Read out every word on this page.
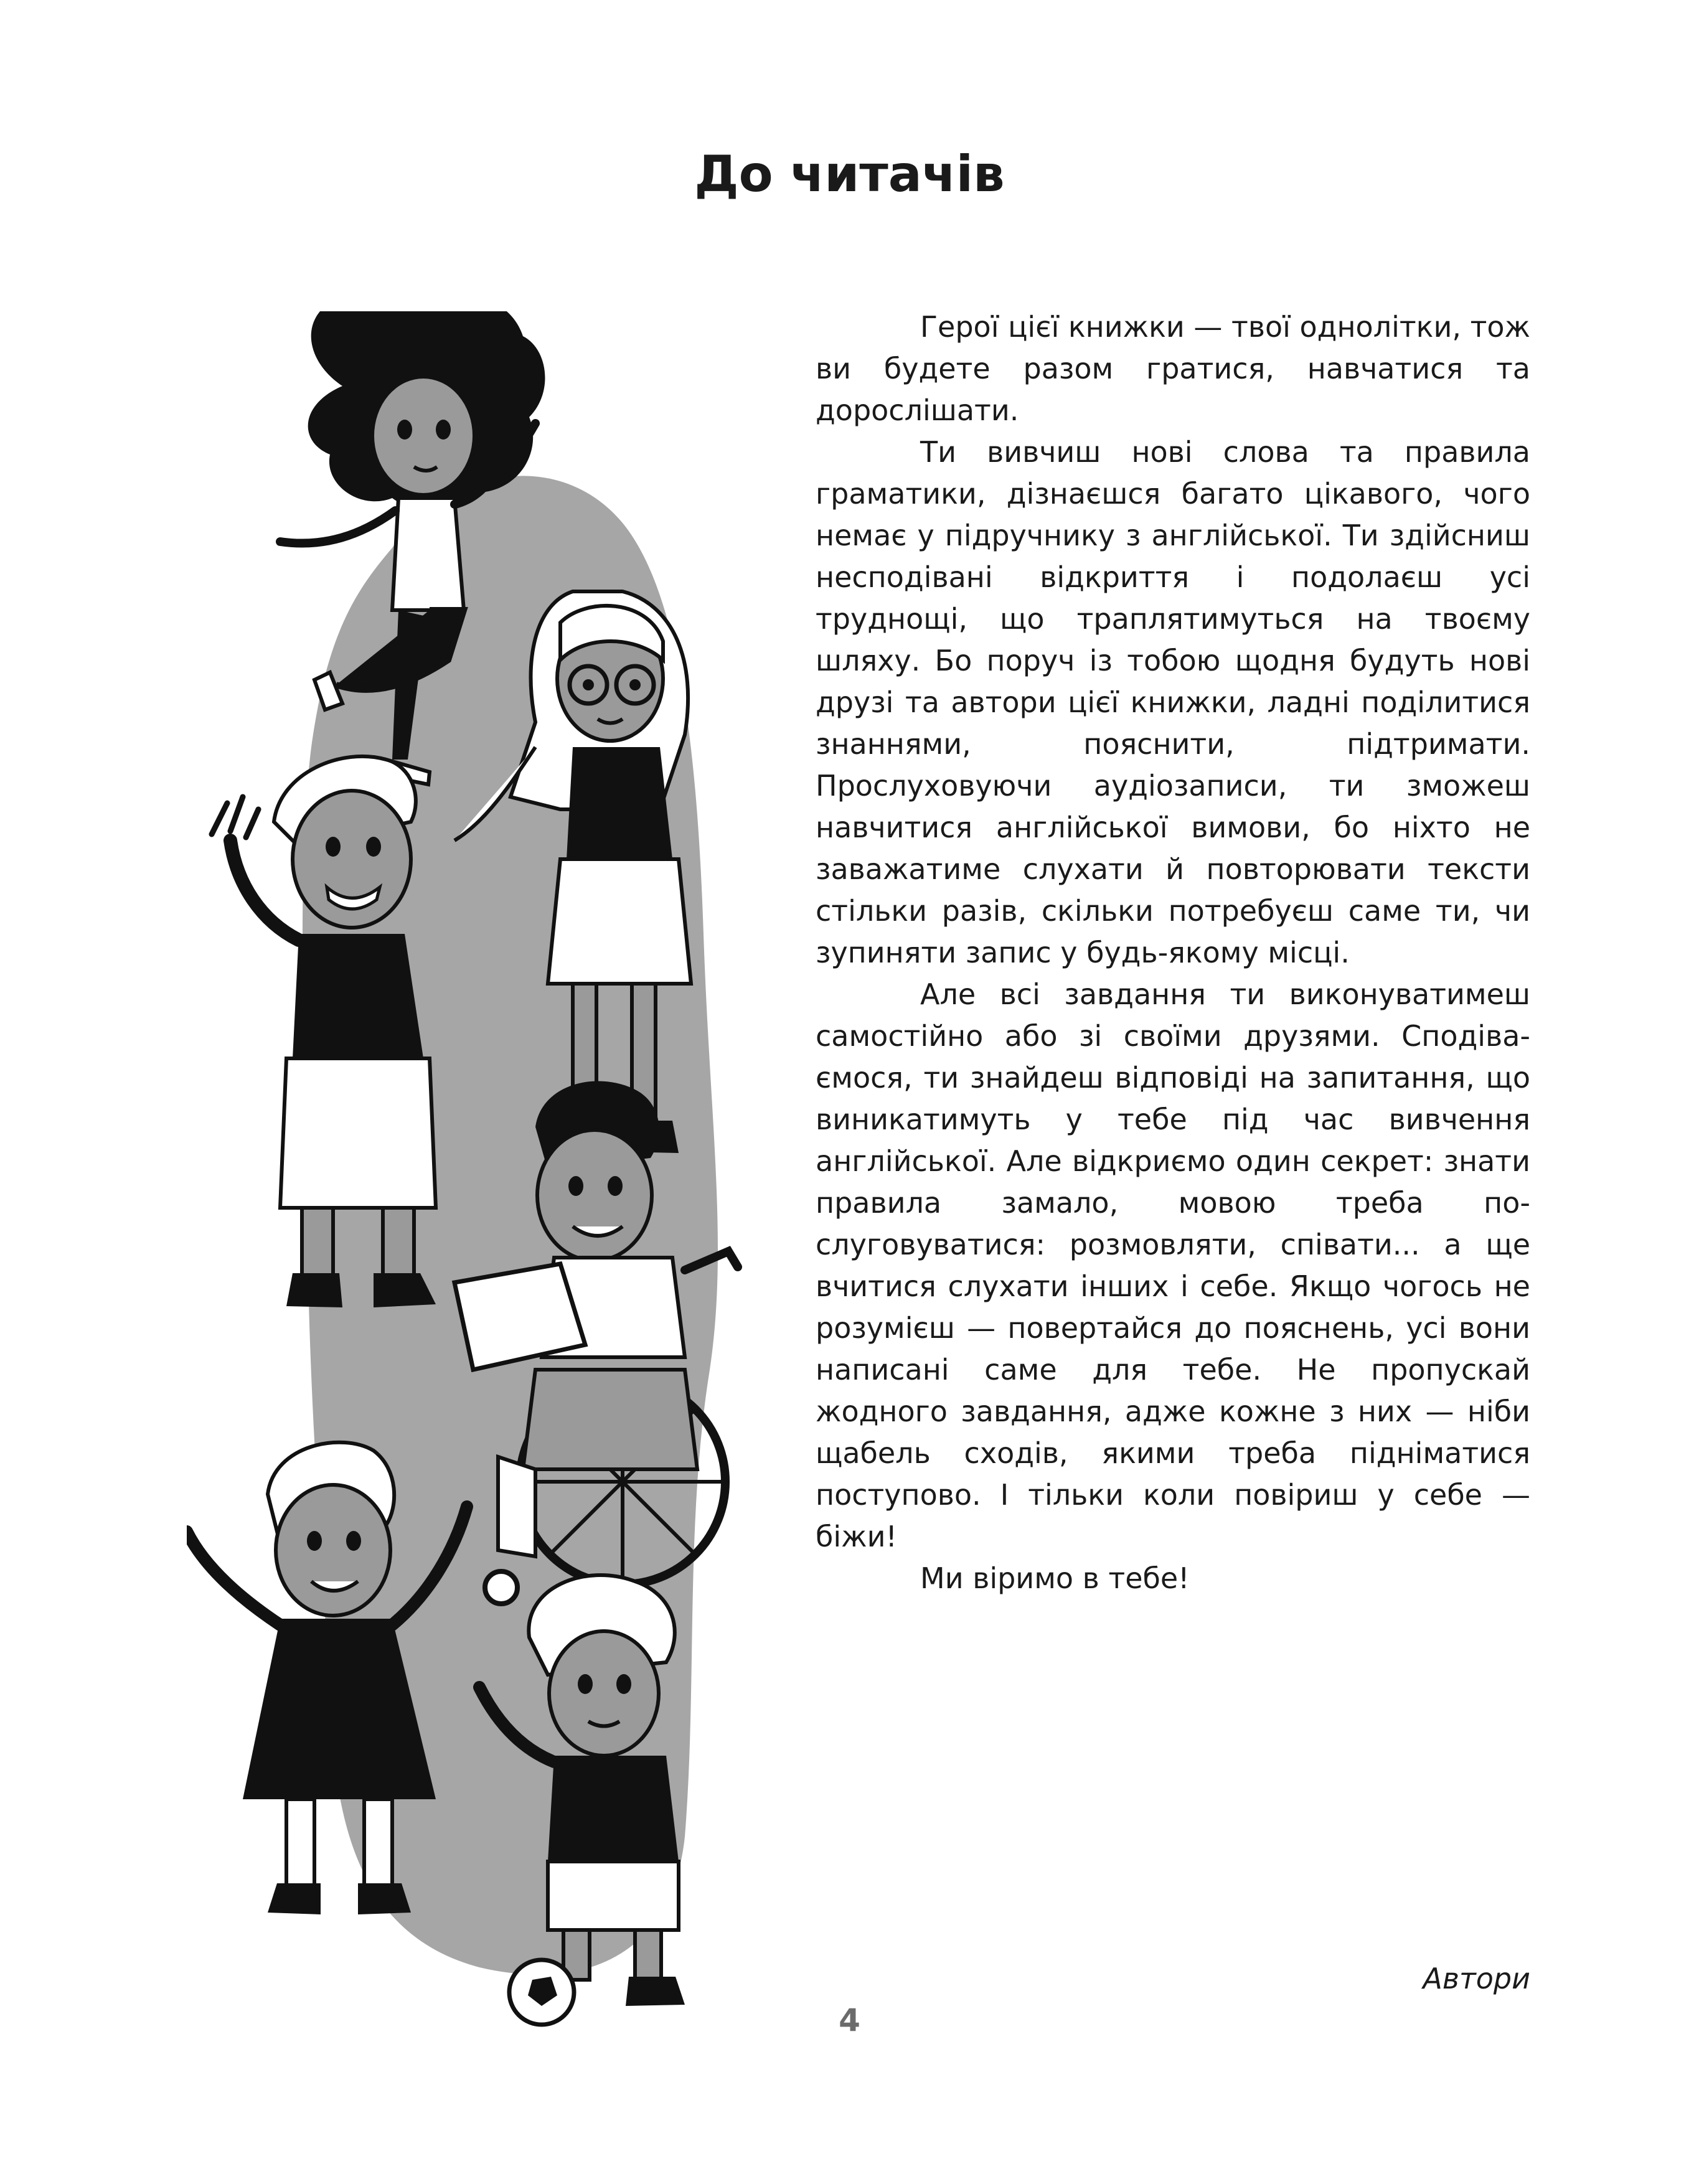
До читачів

Герої цієї книжки — твої однолітки, тож ви будете разом гратися, навчатися та дорослішати.

Ти вивчиш нові слова та правила граматики, дізнаєшся багато цікавого, чого немає у підручнику з англійської. Ти здійсниш несподівані відкриття і подолаєш усі труднощі, що траплятимуться на твоєму шляху. Бо поруч із тобою щодня будуть нові друзі та автори цієї книжки, ладні поділитися знаннями, пояснити, підтримати. Прослуховуючи аудіозаписи, ти зможеш навчитися англійської вимови, бо ніхто не заважатиме слухати й повторювати тексти стільки разів, скільки потребуєш саме ти, чи зупиняти запис у будь-якому місці.

Але всі завдання ти виконуватимеш самостійно або зі своїми друзями. Сподіваємося, ти знайдеш відповіді на запитання, що виникатимуть у тебе під час вивчення англійської. Але відкриємо один секрет: знати правила замало, мовою треба послуговуватися: розмовляти, співати... а ще вчитися слухати інших і себе. Якщо чогось не розумієш — повертайся до пояснень, усі вони написані саме для тебе. Не пропускай жодного завдання, адже кожне з них — ніби щабель сходів, якими треба підніматися поступово. І тільки коли повіриш у себе — біжи!

Ми віримо в тебе!

Автори

4
